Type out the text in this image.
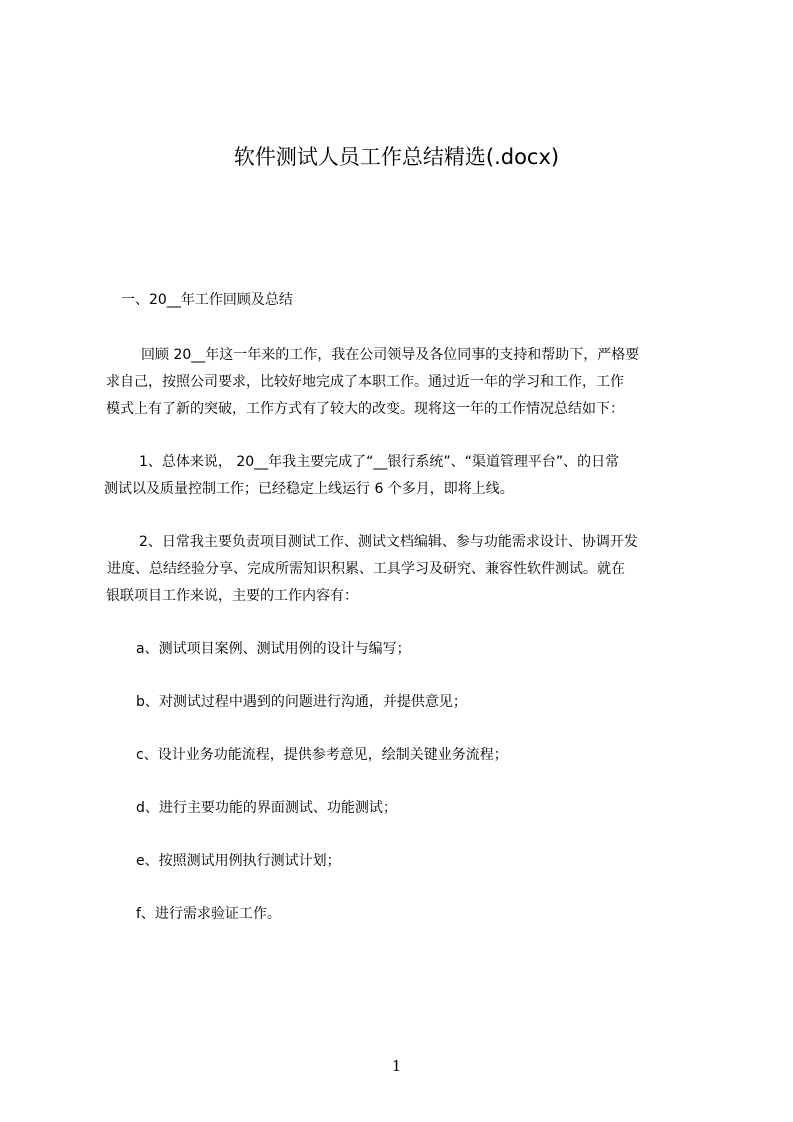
软件测试人员工作总结精选(.docx)
一、20__年工作回顾及总结
回顾 20__年这一年来的工作，我在公司领导及各位同事的支持和帮助下，严格要
求自己，按照公司要求，比较好地完成了本职工作。通过近一年的学习和工作，工作
模式上有了新的突破，工作方式有了较大的改变。现将这一年的工作情况总结如下：
1、总体来说， 20__年我主要完成了“__银行系统”、“渠道管理平台”、的日常
测试以及质量控制工作；已经稳定上线运行 6 个多月，即将上线。
2、日常我主要负责项目测试工作、测试文档编辑、参与功能需求设计、协调开发
进度、总结经验分享、完成所需知识积累、工具学习及研究、兼容性软件测试。就在
银联项目工作来说，主要的工作内容有：
a、测试项目案例、测试用例的设计与编写；
b、对测试过程中遇到的问题进行沟通，并提供意见；
c、设计业务功能流程，提供参考意见，绘制关键业务流程；
d、进行主要功能的界面测试、功能测试；
e、按照测试用例执行测试计划；
f、进行需求验证工作。
1
